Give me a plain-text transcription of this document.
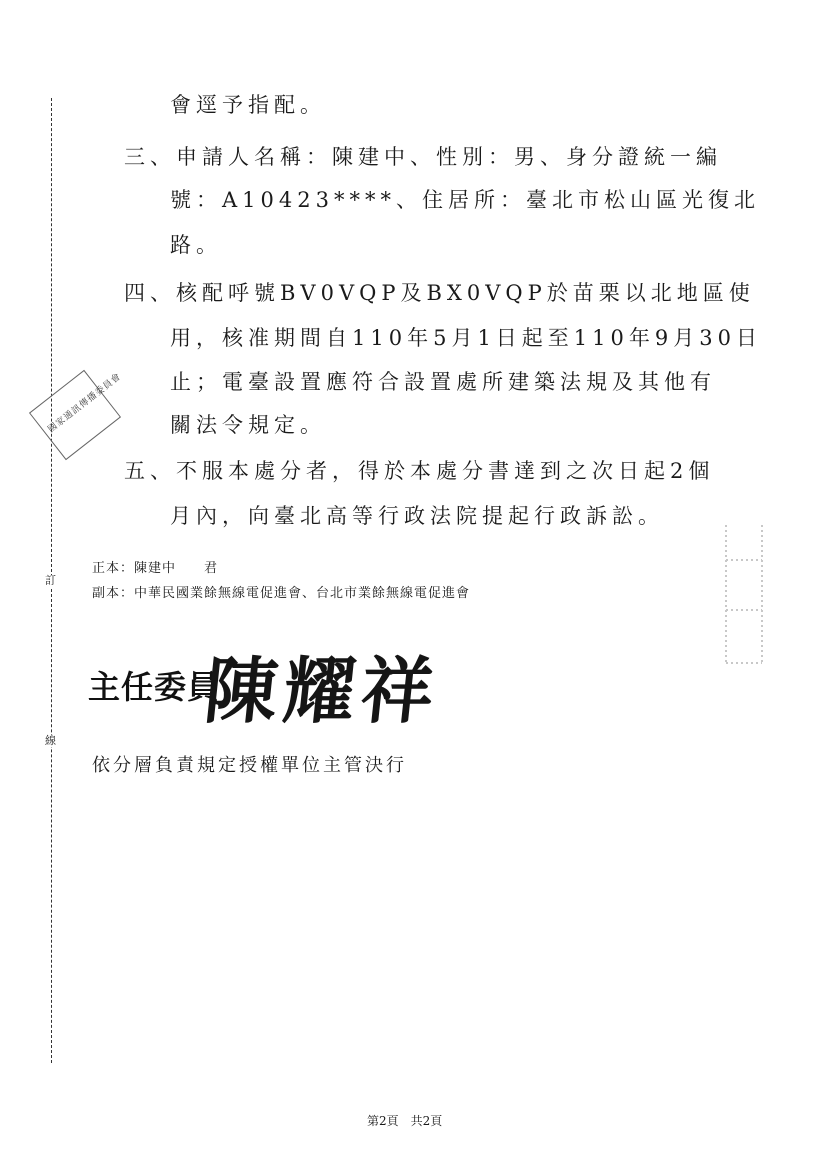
訂
線
國家通訊傳播委員會
會逕予指配。
三、申請人名稱：陳建中、性別：男、身分證統一編
號：A10423****、住居所：臺北市松山區光復北
路。
四、核配呼號BV0VQP及BX0VQP於苗栗以北地區使
用，核准期間自110年5月1日起至110年9月30日
止；電臺設置應符合設置處所建築法規及其他有
關法令規定。
五、不服本處分者，得於本處分書達到之次日起2個
月內，向臺北高等行政法院提起行政訴訟。
正本：陳建中　　君
副本：中華民國業餘無線電促進會、台北市業餘無線電促進會
主任委員
陳耀祥
依分層負責規定授權單位主管決行
第2頁　共2頁
